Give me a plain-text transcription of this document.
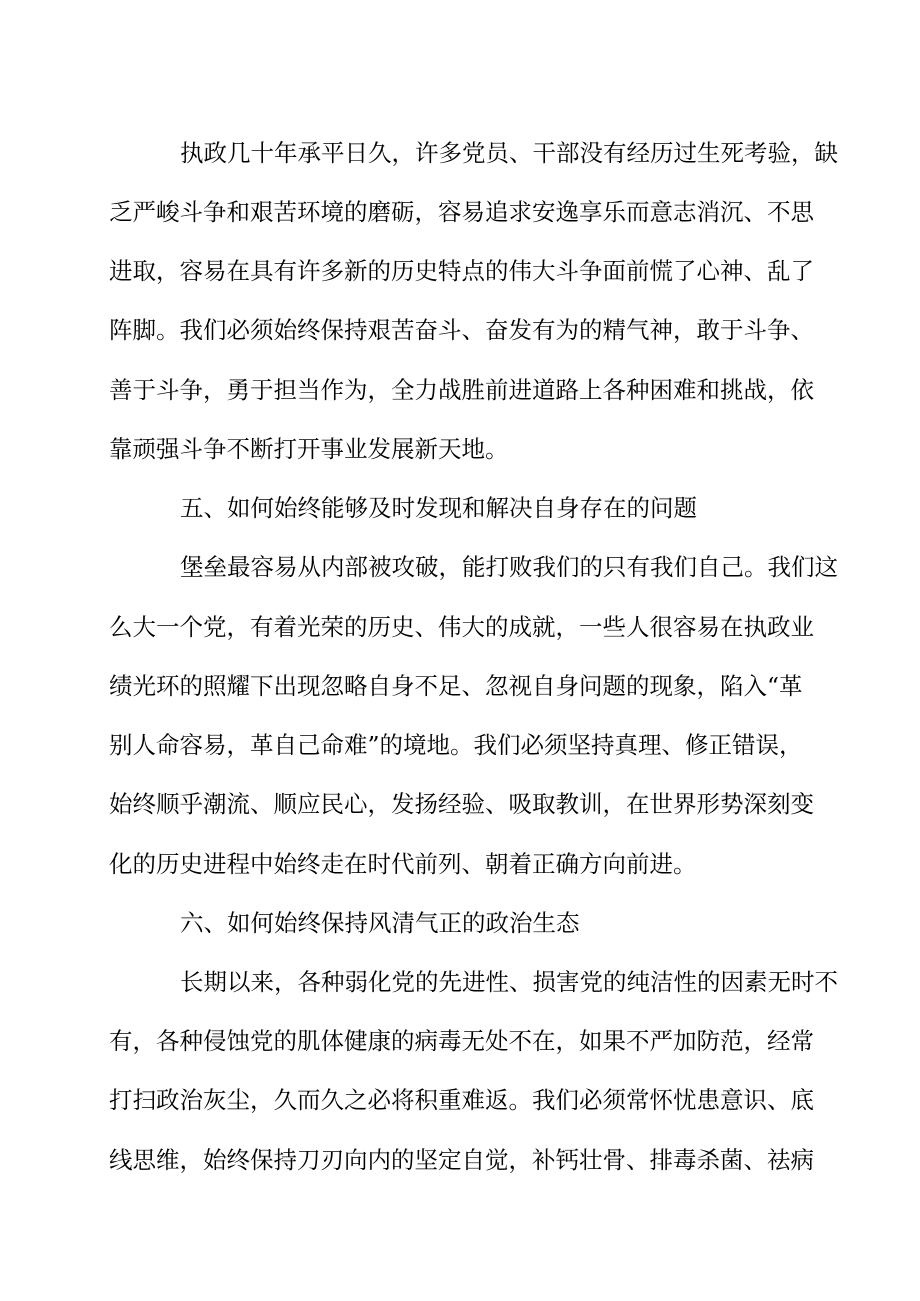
执政几十年承平日久，许多党员、干部没有经历过生死考验，缺
乏严峻斗争和艰苦环境的磨砺，容易追求安逸享乐而意志消沉、不思
进取，容易在具有许多新的历史特点的伟大斗争面前慌了心神、乱了
阵脚。我们必须始终保持艰苦奋斗、奋发有为的精气神，敢于斗争、
善于斗争，勇于担当作为，全力战胜前进道路上各种困难和挑战，依
靠顽强斗争不断打开事业发展新天地。
五、如何始终能够及时发现和解决自身存在的问题
堡垒最容易从内部被攻破，能打败我们的只有我们自己。我们这
么大一个党，有着光荣的历史、伟大的成就，一些人很容易在执政业
绩光环的照耀下出现忽略自身不足、忽视自身问题的现象，陷入“革
别人命容易，革自己命难”的境地。我们必须坚持真理、修正错误，
始终顺乎潮流、顺应民心，发扬经验、吸取教训，在世界形势深刻变
化的历史进程中始终走在时代前列、朝着正确方向前进。
六、如何始终保持风清气正的政治生态
长期以来，各种弱化党的先进性、损害党的纯洁性的因素无时不
有，各种侵蚀党的肌体健康的病毒无处不在，如果不严加防范，经常
打扫政治灰尘，久而久之必将积重难返。我们必须常怀忧患意识、底
线思维，始终保持刀刃向内的坚定自觉，补钙壮骨、排毒杀菌、祛病
